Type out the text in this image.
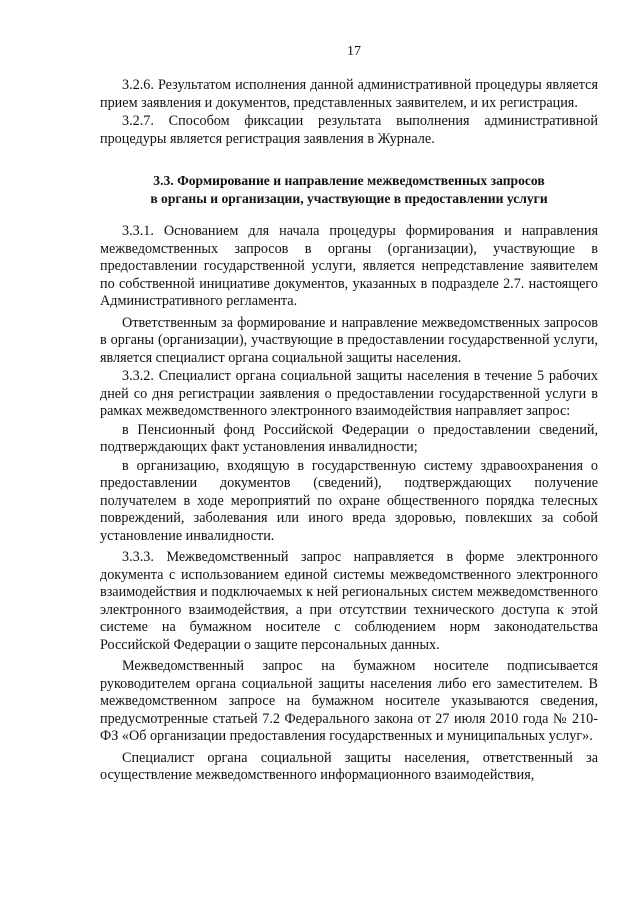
17

3.2.6. Результатом исполнения данной административной процедуры является прием заявления и документов, представленных заявителем, и их регистрация.

3.2.7. Способом фиксации результата выполнения административной процедуры является регистрация заявления в Журнале.

3.3. Формирование и направление межведомственных запросов
в органы и организации, участвующие в предоставлении услуги

3.3.1. Основанием для начала процедуры формирования и направления межведомственных запросов в органы (организации), участвующие в предоставлении государственной услуги, является непредставление заявителем по собственной инициативе документов, указанных в подразделе 2.7. настоящего Административного регламента.

Ответственным за формирование и направление межведомственных запросов в органы (организации), участвующие в предоставлении государственной услуги, является специалист органа социальной защиты населения.

3.3.2. Специалист органа социальной защиты населения в течение 5 рабочих дней со дня регистрации заявления о предоставлении государственной услуги в рамках межведомственного электронного взаимодействия направляет запрос:

в Пенсионный фонд Российской Федерации о предоставлении сведений, подтверждающих факт установления инвалидности;

в организацию, входящую в государственную систему здравоохранения о предоставлении документов (сведений), подтверждающих получение получателем в ходе мероприятий по охране общественного порядка телесных повреждений, заболевания или иного вреда здоровью, повлекших за собой установление инвалидности.

3.3.3. Межведомственный запрос направляется в форме электронного документа с использованием единой системы межведомственного электронного взаимодействия и подключаемых к ней региональных систем межведомственного электронного взаимодействия, а при отсутствии технического доступа к этой системе на бумажном носителе с соблюдением норм законодательства Российской Федерации о защите персональных данных.

Межведомственный запрос на бумажном носителе подписывается руководителем органа социальной защиты населения либо его заместителем. В межведомственном запросе на бумажном носителе указываются сведения, предусмотренные статьей 7.2 Федерального закона от 27 июля 2010 года № 210-ФЗ «Об организации предоставления государственных и муниципальных услуг».

Специалист органа социальной защиты населения, ответственный за осуществление межведомственного информационного взаимодействия,
